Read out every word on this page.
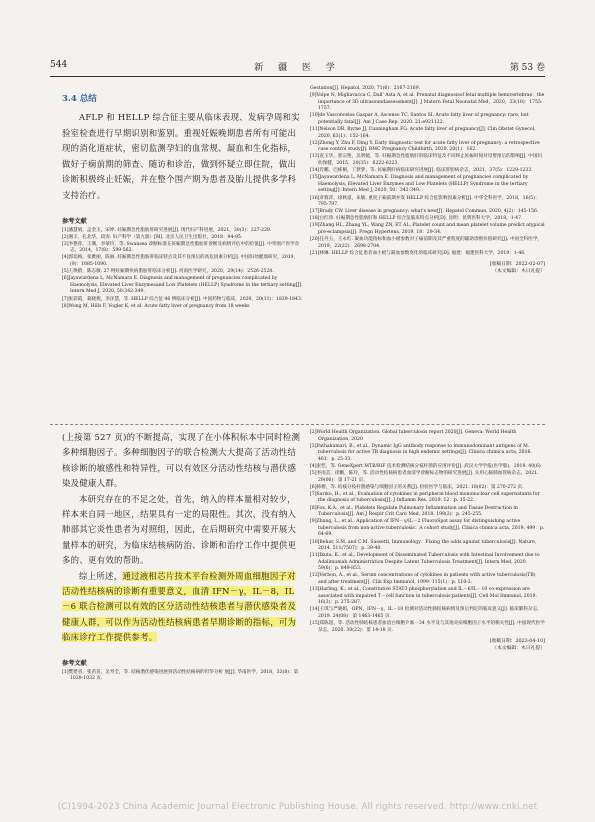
544	新 疆 医 学	第 53 卷
3.4 总结
AFLP 和 HELLP 综合征主要从临床表现、发病孕周和实验室检查进行早期识别和鉴别。重视妊娠晚期患者所有可能出现的消化道症状，密切监测孕妇的血常规、凝血和生化指标，做好子痫前期的筛查、随访和诊治，做到怀疑立即住院，做出诊断积极终止妊娠，并在整个围产期为患者及胎儿提供多学科支持治疗。
参考文献
[1]潘慧娟，孟金玉，宋坤. 妊娠期急性脂肪肝研究进展[J]. 现代妇产科进展，2021，30(3)：227-229.
[2]谢辛，孔北华，段涛. 妇产科学（第九版）[M]. 北京人民卫生出版社，2018：94-95.
[3]李艳萍，王珊，李蒙玲，等. Swansea 诊断标准在妊娠期急性脂肪肝诊断及病情评估中的价值[J]. 中华围产医学杂志，2014，17(8)：599-562.
[4]郭琰梅，张雅丽，陈丽. 妊娠期急性脂肪肝临床特点及其不良预后的高危因素分析[J]. 中国妇幼健康研究，2019，(9)：1085-1090.
[5]王焕蔚，陈志敏. 27 例妊娠期疾病脂肪肝临床分析[J]. 河南医学研究，2020，29(14)：2526-2528.
[6]Jayawardena L, McNamara E. Diagnosis and management of pregnancies complicated by Haemolysis, Elevated Liver Enzymesand Low Platelets (HELLP) Syndrome in the tertiary setting[J]. Intern Med J, 2020, 50:342-349.
[7]张彩霞，葛晓燕，李泽慧，等. HELLP 综合征 46 例临床分析[J]. 中国药物与临床，2020，20(11)：1839-1843.
[8]Wong M, Hills F, Vogler K, et al. Acute fatty liver of pregnancy from 18 weeks
Gestation[J]. Hepatol, 2020, 71(6)：2167-2169.
[9]Volpe N, Migliavacca C, Dall' Asta A, et al. Prenatal diagnosisof fetal multiple hemivertebrae：the importance of 3D ultrasoundassessment[J]. J Matern Fetal Neonatal Med，2020，33(10)：1755-1757.
[10]de Vasconcelos Gaspar A, Ascenso TC, Santos SI. Acute fatty liver of pregnancy: rare, but potentially fatal[J]. Am J Case Rep. 2020. 21:e921122.
[11]Nelson DB, Byrne JJ, Cunningham FG. Acute fatty liver of pregnancy[J]. Clin Obstet Gynecol, 2020, 63(1)：152-164.
[12]Zhong Y, Zhu F, Ding Y. Early diagnostic test for acute fatty liver of pregnancy: a retrospective case control study[J]. BMC Pregnancy Childbirth, 2020, 20(1)：162.
[13]袁玉华，郭宗艳，吴明媛，等. 妊娠期急性脂肪肝的临床特征及不同终止妊娠时间对母婴预后的影响[J]. 中国妇幼保健，2015，20(35)：6222-6223.
[14]肖鹏，巴栋桐，丁梦梦，等. 妊娠期肝病临床研究进展[J]. 临床肝胆病杂志，2021，37(5)：1229-1232.
[15]Jayawardena L, McNamara E. Diagnosis and management of pregnancies complicated by Haemolysis, Elevated Liver Enzymes and Low Platelets (HELLP) Syndrome in the tertiary setting[J]. Intern Med J, 2020, 50：342-349.
[16]章蓉萍，徐秋道，朱敏. 重度子痫前期并发 HELLP 综合征影响因素分析[J]. 中华全科医学，2018，16(5)：795-797.
[17]Brady CW. Liver disease in pregnancy: what's new[J]. Hepatol Commun, 2020, 4(2)：145-156.
[18]白红珍. 妊娠期急性脂肪肝和 HELLP 综合征临床特点分析[D]. 昆明：昆明医科大学，2018，1-47.
[19]Zhang HL, Zhang YL, Wang ZN, ET AL. Platelet count and mean platelet volume predict atypical pre-eclampsia[J]. Pregn Hypertens, 2019, 18：29-34.
[20]任丹玉，王永红. 凝血功能指标和血小板参数对子痫前期及其严重程度的辅助诊断价值研究[J]. 中国全科医学，2019，22(22)：2698-2704.
[21]林琳. HELLP 综合征患者血小板与凝血参数变化的临床研究[D]. 福建：福建医科大学，2019：1-46.
[收稿日期：2022-02-07]
（本文编辑：木日礼提）
(上接第 527 页)的不断提高，实现了在小体积标本中同时检测多种细胞因子。多种细胞因子的联合检测大大提高了活动性结核诊断的敏感性和特异性，可以有效区分活动性结核与潜伏感染及健康人群。
本研究存在的不足之处，首先，纳入的样本量相对较少，样本来自同一地区，结果具有一定的局限性。其次，没有纳入肺部其它炎性患者为对照组，因此，在后期研究中需要开展大量样本的研究，为临床结核病防治、诊断和治疗工作中提供更多的、更有效的帮助。
综上所述，通过液相芯片技术平台检测外周血细胞因子对活动性结核病的诊断有重要意义，血清 IFN－γ，IL－8，IL－6 联合检测可以有效的区分活动性结核患者与潜伏感染者及健康人群，可以作为活动性结核病患者早期诊断的指标，可为临床诊疗工作提供参考。
参考文献
[1]樊建省，张苗苗，吴寿全，等. 结核潜伏感染进展到活动性结核病的坦华分析 展[J]. 华南医学，2018，33(8)：第 1028-1032 页.
[2]World Health Organization. Global tuberculosis report 2020[J]. Geneva: World Health Organization, 2020
[3]Pathakumari, B., et al., Dynamic IgG antibody response to immunodominant antigens of M. tuberculosis for active TB diagnosis in high endemic settings[J]. Clinica chimica acta, 2016. 461：p. 25-33.
[4]张恺，等. GeneXpert MTB/RIF 技术检测结核分枝杆菌的应用评价[J]. 武汉大学学报(医学版)，2019. 40(6).
[5]李雨芸，徐鹏，陈玲，等. 活动性结核病患者血清学诊断标志物的研究进展[J]. 实用心脑肺血管病杂志，2021. 29(06)：第 17-21 页.
[6]韩榕，等. 结核分枝杆菌感染与细胞因子的关系[J]. 检验医学与临床，2021. 18(02)：第 270-272 页.
[7]Sarıko, H., et al., Evaluation of cytokines in peripheral blood mononuclear cell supernatants for the diagnosis of tuberculosis[J]. J Inflamm Res, 2019. 12：p. 15-22.
[8]Fox, K.A., et al., Platelets Regulate Pulmonary Inflammation and Tissue Destruction in Tuberculosis[J]. Am J Respir Crit Care Med, 2018. 198(2)：p. 245-255.
[9]Zhang, L., et al., Application of IFN－γ/IL－2 FluoroSpot assay for distinguishing active tuberculosis from non-active tuberculosis：A cohort study[J]. Clinica chimica acta, 2019. 499：p. 64-69.
[10]Behar, S.M. and C.M. Sassetti, Immunology：Fixing the odds against tuberculosis[J]. Nature, 2014. 511(7507)：p. 39-40.
[11]Ikuta, K., et al., Development of Disseminated Tuberculosis with Intestinal Involvement due to Adalimumab Administration Despite Latent Tuberculosis Treatment[J]. Intern Med, 2020. 59(6)：p. 849-853.
[12]Verbon, A., et al., Serum concentrations of cytokines in patients with active tuberculosis(TB) and after treatment[J]. Clin Exp Immunol, 1999. 115(1)：p. 110-3.
[13]Harling, K., et al., Constitutive STAT3 phosphorylation and IL－6/IL－10 co-expression are associated with impaired T－cell function in tuberculosis patients[J]. Cell Mol Immunol, 2019. 16(3)：p. 275-287.
[14]王琪与严晓娟，OPN，IFN－γ，IL－10 检测对活动性肺结核病情及预后判定的临床意义[J]. 临床肺科杂志，2019. 24(08)：第 1463-1465 页.
[15]郑陈超，等. 活动性肺结核患者血清白细胞介素－34 水平及与其他炎症细胞因子水平的相关性[J]. 中国现代医学杂志，2020. 30(22)：第 14-18 页.
[收稿日期：2023-04-10]
（本文编辑：木日礼提）
(C)1994-2023 China Academic Journal Electronic Publishing House. All rights reserved. http://www.cnki.net
